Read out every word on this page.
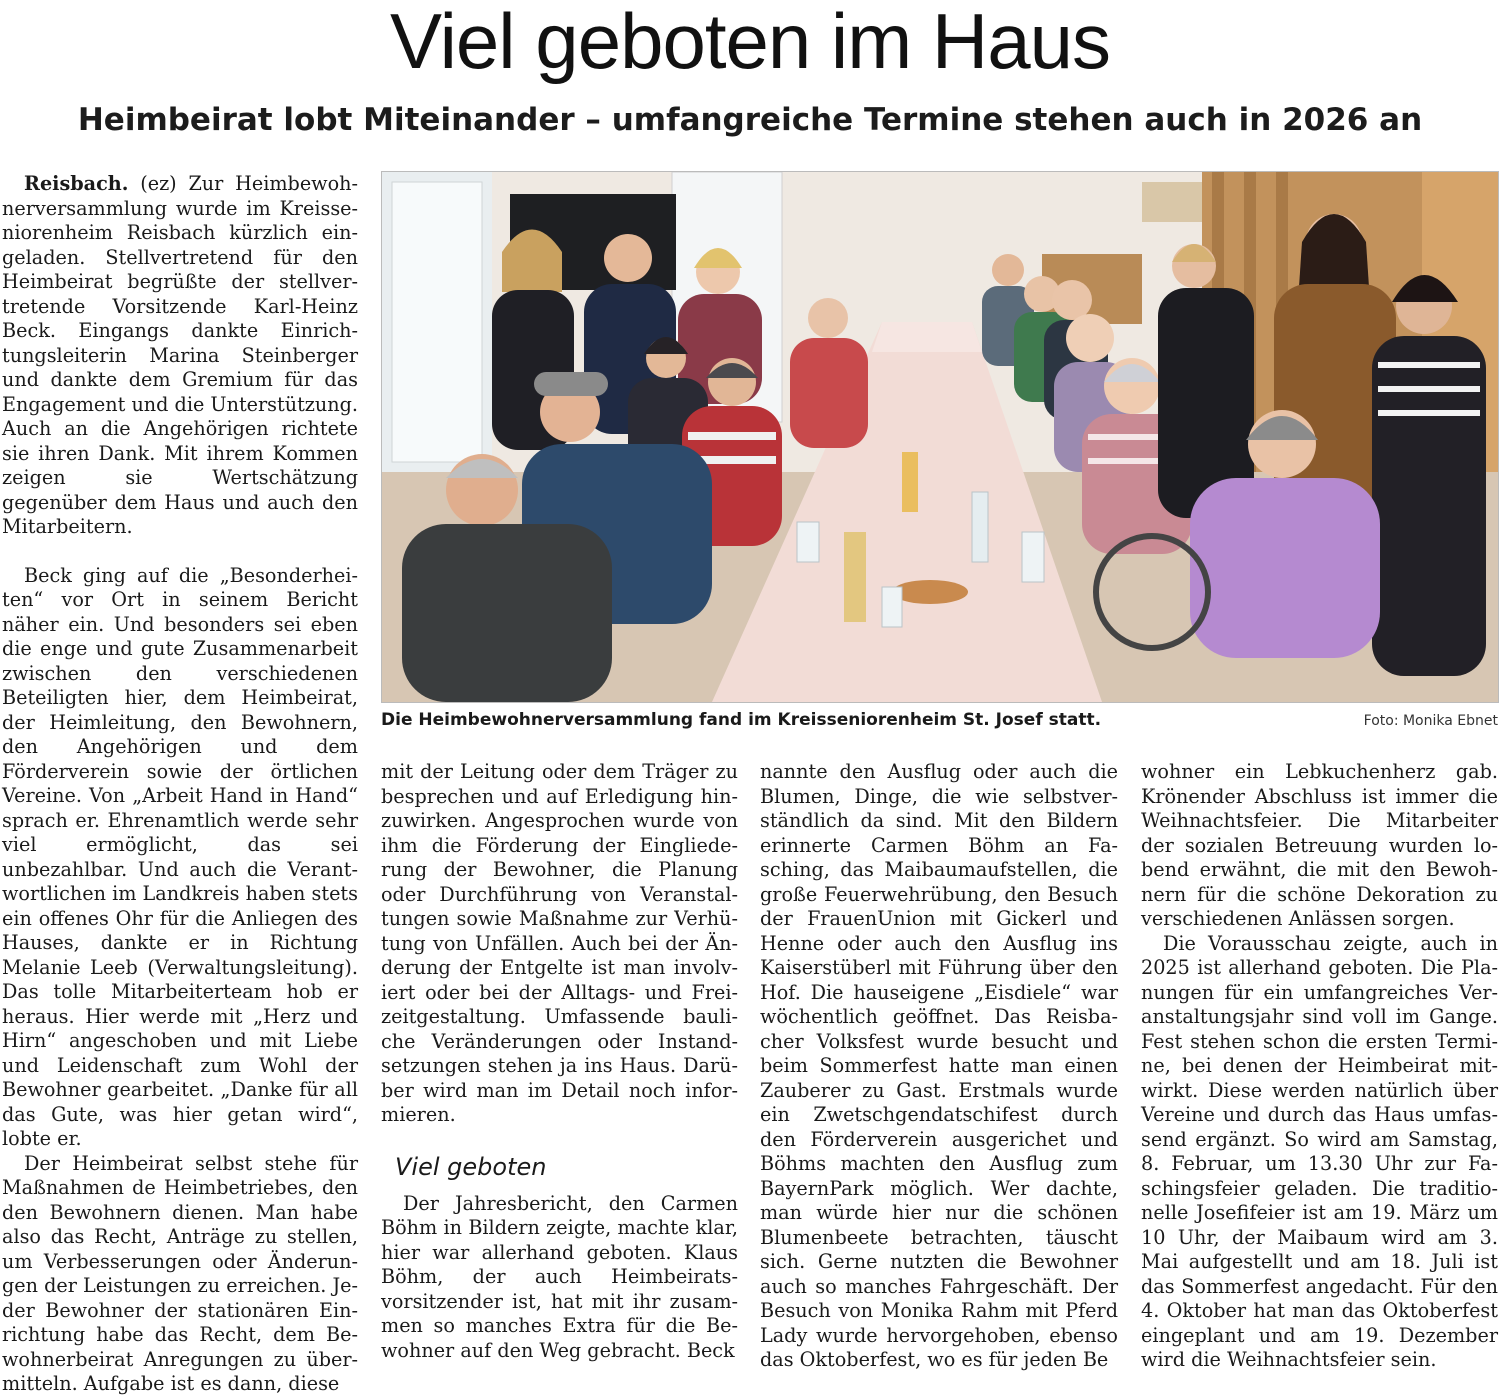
Viel geboten im Haus
Heimbeirat lobt Miteinander – umfangreiche Termine stehen auch in 2026 an

Reisbach. (ez) Zur Heimbewohnerversammlung wurde im Kreisseniorenheim Reisbach kürzlich eingeladen. Stellvertretend für den Heimbeirat begrüßte der stellvertretende Vorsitzende Karl-Heinz Beck. Eingangs dankte Einrichtungsleiterin Marina Steinberger und dankte dem Gremium für das Engagement und die Unterstützung. Auch an die Angehörigen richtete sie ihren Dank. Mit ihrem Kommen zeigen sie Wertschätzung gegenüber dem Haus und auch den Mitarbeitern.

Beck ging auf die „Besonderheiten“ vor Ort in seinem Bericht näher ein. Und besonders sei eben die enge und gute Zusammenarbeit zwischen den verschiedenen Beteiligten hier, dem Heimbeirat, der Heimleitung, den Bewohnern, den Angehörigen und dem Förderverein sowie der örtlichen Vereine. Von „Arbeit Hand in Hand“ sprach er. Ehrenamtlich werde sehr viel ermöglicht, das sei unbezahlbar. Und auch die Verantwortlichen im Landkreis haben stets ein offenes Ohr für die Anliegen des Hauses, dankte er in Richtung Melanie Leeb (Verwaltungsleitung). Das tolle Mitarbeiterteam hob er heraus. Hier werde mit „Herz und Hirn“ angeschoben und mit Liebe und Leidenschaft zum Wohl der Bewohner gearbeitet. „Danke für all das Gute, was hier getan wird“, lobte er.

Der Heimbeirat selbst stehe für Maßnahmen de Heimbetriebes, den den Bewohnern dienen. Man habe also das Recht, Anträge zu stellen, um Verbesserungen oder Änderungen der Leistungen zu erreichen. Jeder Bewohner der stationären Einrichtung habe das Recht, dem Bewohnerbeirat Anregungen zu übermitteln. Aufgabe ist es dann, diese

Die Heimbewohnerversammlung fand im Kreisseniorenheim St. Josef statt.	Foto: Monika Ebnet

mit der Leitung oder dem Träger zu besprechen und auf Erledigung hinzuwirken. Angesprochen wurde von ihm die Förderung der Eingliederung der Bewohner, die Planung oder Durchführung von Veranstaltungen sowie Maßnahme zur Verhütung von Unfällen. Auch bei der Änderung der Entgelte ist man involviert oder bei der Alltags- und Freizeitgestaltung. Umfassende bauliche Veränderungen oder Instandsetzungen stehen ja ins Haus. Darüber wird man im Detail noch informieren.

Viel geboten

Der Jahresbericht, den Carmen Böhm in Bildern zeigte, machte klar, hier war allerhand geboten. Klaus Böhm, der auch Heimbeiratsvorsitzender ist, hat mit ihr zusammen so manches Extra für die Bewohner auf den Weg gebracht. Beck

nannte den Ausflug oder auch die Blumen, Dinge, die wie selbstverständlich da sind. Mit den Bildern erinnerte Carmen Böhm an Fasching, das Maibaumaufstellen, die große Feuerwehrübung, den Besuch der FrauenUnion mit Gickerl und Henne oder auch den Ausflug ins Kaiserstüberl mit Führung über den Hof. Die hauseigene „Eisdiele“ war wöchentlich geöffnet. Das Reisbacher Volksfest wurde besucht und beim Sommerfest hatte man einen Zauberer zu Gast. Erstmals wurde ein Zwetschgendatschifest durch den Förderverein ausgerichet und Böhms machten den Ausflug zum BayernPark möglich. Wer dachte, man würde hier nur die schönen Blumenbeete betrachten, täuscht sich. Gerne nutzten die Bewohner auch so manches Fahrgeschäft. Der Besuch von Monika Rahm mit Pferd Lady wurde hervorgehoben, ebenso das Oktoberfest, wo es für jeden Be

wohner ein Lebkuchenherz gab. Krönender Abschluss ist immer die Weihnachtsfeier. Die Mitarbeiter der sozialen Betreuung wurden lobend erwähnt, die mit den Bewohnern für die schöne Dekoration zu verschiedenen Anlässen sorgen.

Die Vorausschau zeigte, auch in 2025 ist allerhand geboten. Die Planungen für ein umfangreiches Veranstaltungsjahr sind voll im Gange. Fest stehen schon die ersten Termine, bei denen der Heimbeirat mitwirkt. Diese werden natürlich über Vereine und durch das Haus umfassend ergänzt. So wird am Samstag, 8. Februar, um 13.30 Uhr zur Faschingsfeier geladen. Die traditionelle Josefifeier ist am 19. März um 10 Uhr, der Maibaum wird am 3. Mai aufgestellt und am 18. Juli ist das Sommerfest angedacht. Für den 4. Oktober hat man das Oktoberfest eingeplant und am 19. Dezember wird die Weihnachtsfeier sein.
